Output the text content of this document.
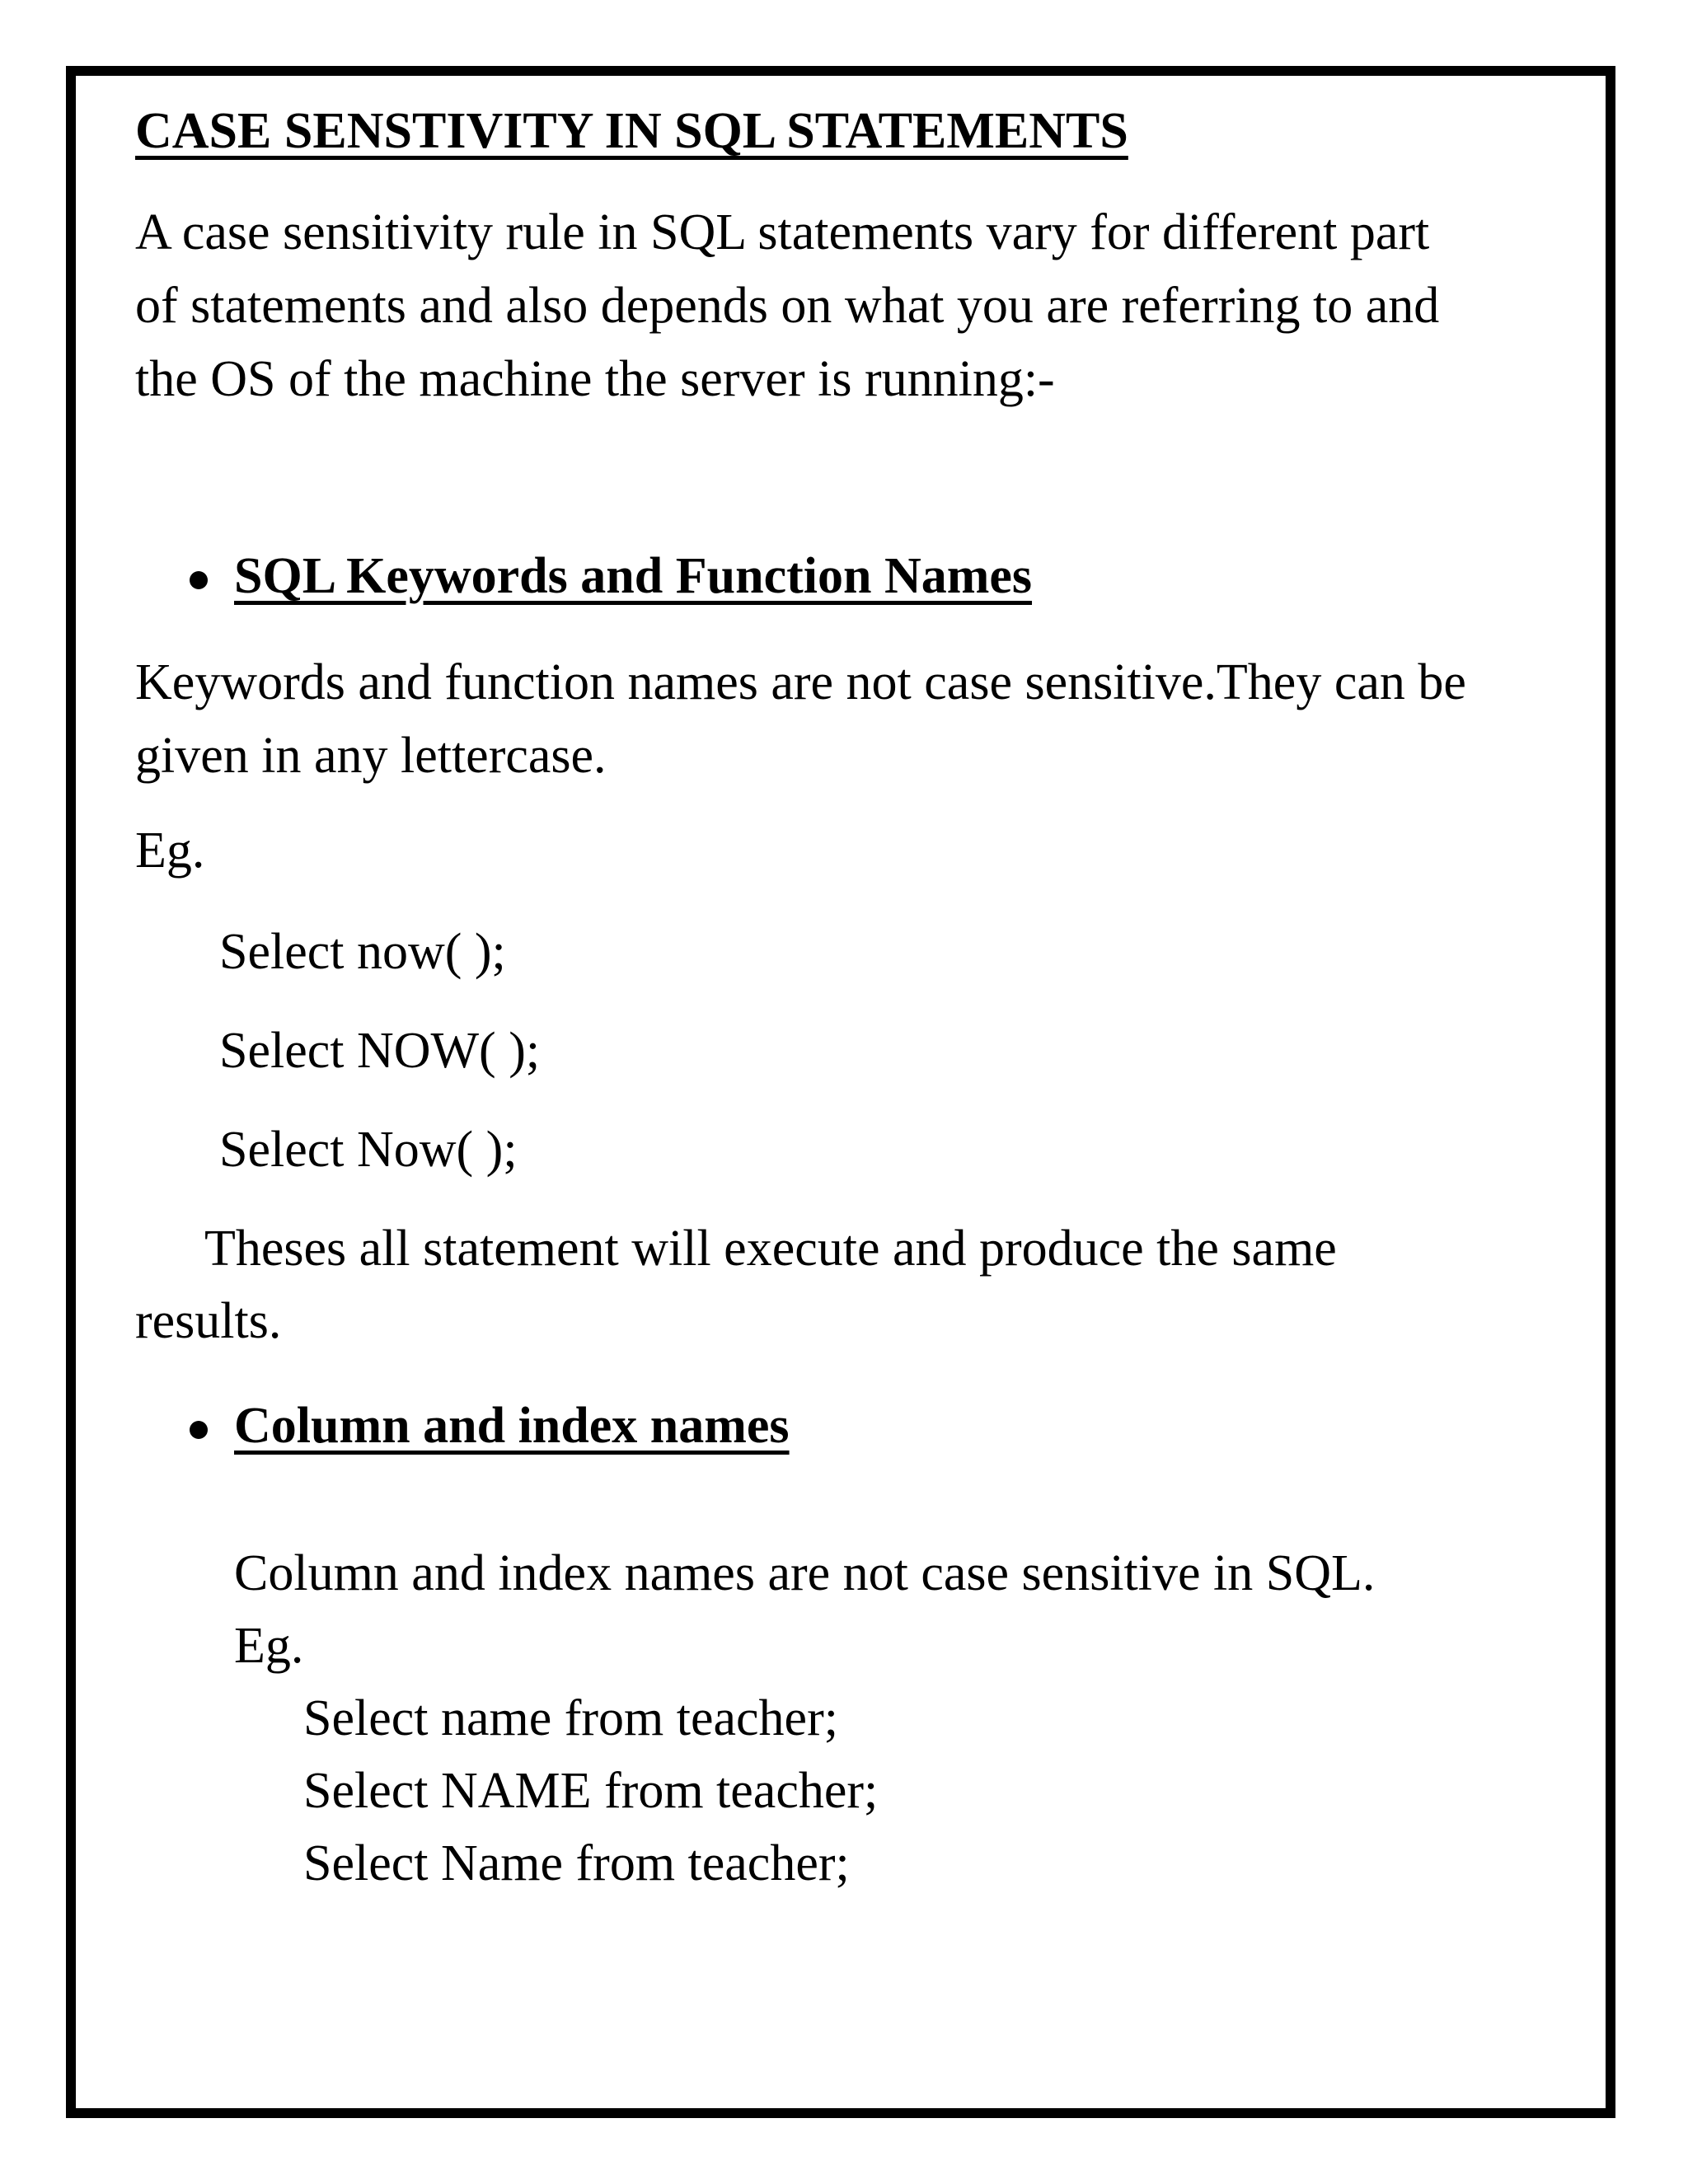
CASE SENSTIVITY IN SQL STATEMENTS
A case sensitivity rule in SQL statements vary for different part
of statements and also depends on what you are referring to and
the OS of the machine the server is running:-
SQL Keywords and Function Names
Keywords and function names are not case sensitive.They can be
given in any lettercase.
Eg.
Select now( );
Select NOW( );
Select Now( );
Theses all statement will execute and produce the same
results.
Column and index names
Column and index names are not case sensitive in SQL.
Eg.
Select name from teacher;
Select NAME from teacher;
Select Name from teacher;
